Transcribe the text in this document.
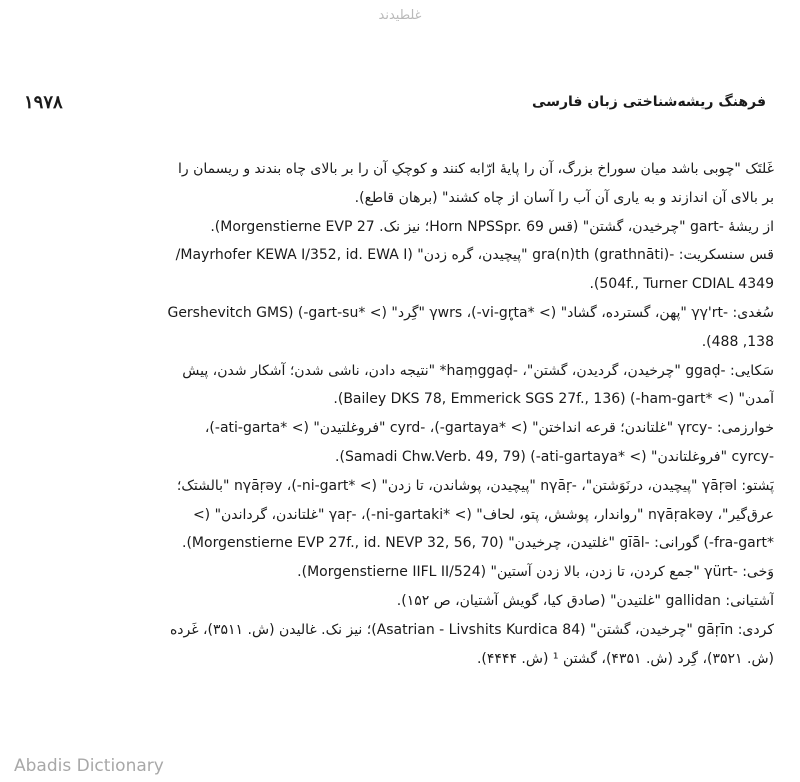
غلطیدند
۱۹۷۸	فرهنگ ریشه‌شناختی زبان فارسی
غَلتَک "چوبی باشد میان سوراخ بزرگ، آن را پایهٔ ارّابه کنند و کوچکِ آن را بر بالای چاه بندند و ریسمان را
بر بالای آن اندازند و به یاری آن آب را آسان از چاه کشند" (برهان قاطع).
از ریشهٔ -gart "چرخیدن، گشتن" (قس Horn NPSSpr. 69؛ نیز نک. Morgenstierne EVP 27).
قس سنسکریت: -gra(n)th (grathnāti) "پیچیدن، گره زدن" (Mayrhofer KEWA I/352, id. EWA I/
504f., Turner CDIAL 4349).
سُغدی: -γγ'rt "پهن، گسترده، گشاد" (> *vi-gr̥ta-)، γwrs "گِرد" (> *gart-su-) (Gershevitch GMS
138, 488).
سَکایی: -ggaḍ "چرخیدن، گردیدن، گشتن"، -haṃggaḍ* "نتیجه دادن، ناشی شدن؛ آشکار شدن، پیش
آمدن" (> *ham-gart-) (Bailey DKS 78, Emmerick SGS 27f., 136).
خوارزمی: -γrcy "غلتاندن؛ قرعه انداختن" (> *gartaya-)، -cyrd "فروغلتیدن" (> *ati-garta-)،
-cyrcy "فروغلتاندن" (> *ati-gartaya-) (Samadi Chw.Verb. 49, 79).
پَشتو: γāṛəl "پیچیدن، درنَوَشتن"، -nγāṛ "پیچیدن، پوشاندن، تا زدن" (> *ni-gart-)، nγāṛəy "بالشتک؛
عرق‌گیر"، nγāṛakəy "رواندار، پوشش، پتو، لحاف" (> *ni-gartaki-)، -γaṛ "غلتاندن، گرداندن" (>
*fra-gart-) گورانی: -gīāl "غلتیدن، چرخیدن" (Morgenstierne EVP 27f., id. NEVP 32, 56, 70).
وَخی: -γürt "جمع کردن، تا زدن، بالا زدن آستین" (Morgenstierne IIFL II/524).
آشتیانی: gallidan "غلتیدن" (صادق کیا، گویش آشتیان، ص ۱۵۲).
کردی: gāṛīn "چرخیدن، گشتن" (Asatrian - Livshits Kurdica 84)؛ نیز نک. غالیدن (ش. ۳۵۱۱)، غَرده
(ش. ۳۵۲۱)، گِرد (ش. ۴۳۵۱)، گشتن ¹ (ش. ۴۴۴۴).
Abadis Dictionary
